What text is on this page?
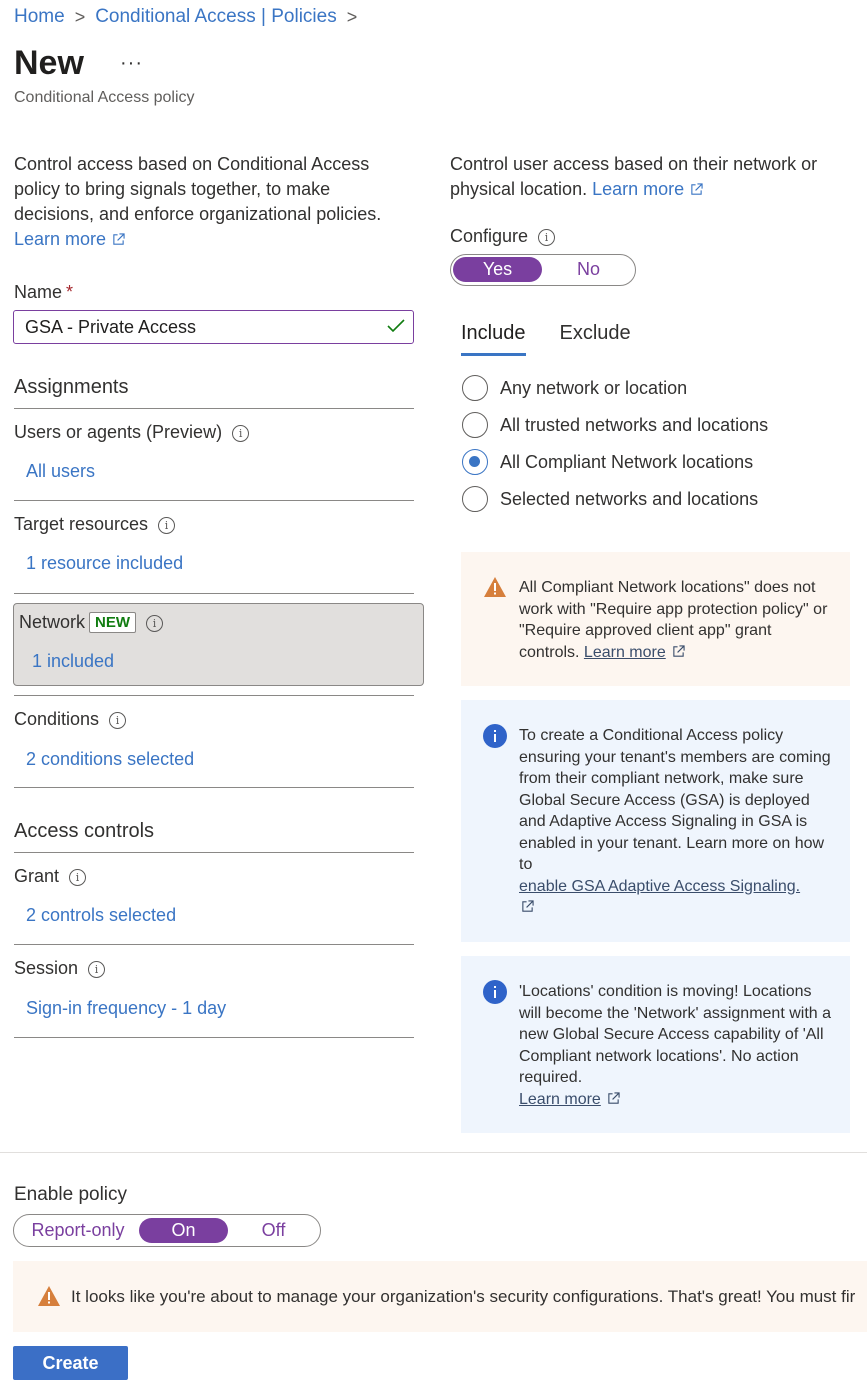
Home > Conditional Access | Policies >
New ···
Conditional Access policy
Control access based on Conditional Access policy to bring signals together, to make decisions, and enforce organizational policies.
Learn more
Name *
GSA - Private Access
Assignments
Users or agents (Preview) i
All users
Target resources i
1 resource included
Network NEW i
1 included
Conditions i
2 conditions selected
Access controls
Grant i
2 controls selected
Session i
Sign-in frequency - 1 day
Control user access based on their network or physical location. Learn more
Configure i
Yes	No
Include Exclude
Any network or location
All trusted networks and locations
All Compliant Network locations
Selected networks and locations
All Compliant Network locations" does not work with "Require app protection policy" or "Require approved client app" grant controls. Learn more
To create a Conditional Access policy ensuring your tenant's members are coming from their compliant network, make sure Global Secure Access (GSA) is deployed and Adaptive Access Signaling in GSA is enabled in your tenant. Learn more on how to
enable GSA Adaptive Access Signaling.

'Locations' condition is moving! Locations will become the 'Network' assignment with a new Global Secure Access capability of 'All Compliant network locations'. No action required.
Learn more
Enable policy
Report-only	On	Off
It looks like you're about to manage your organization's security configurations. That's great! You must fir
Create
